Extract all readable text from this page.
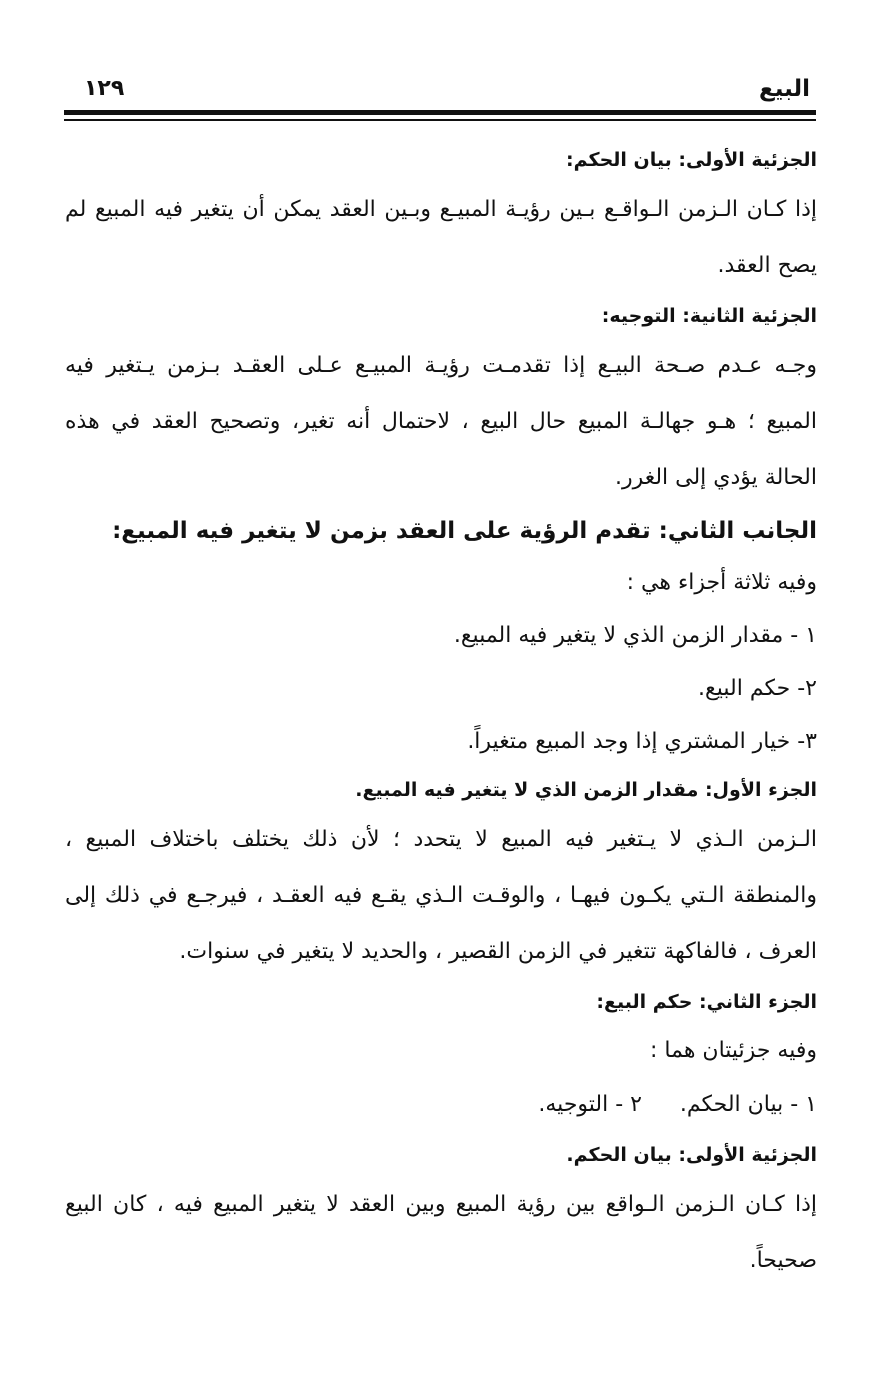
البيع
١٢٩

الجزئية الأولى: بيان الحكم:

إذا كـان الـزمن الـواقـع بـين رؤيـة المبيـع وبـين العقد يمكن أن يتغير فيه المبيع لم

يصح العقد.

الجزئية الثانية: التوجيه:

وجـه عـدم صـحة البيـع إذا تقدمـت رؤيـة المبيـع عـلى العقـد بـزمن يـتغير فيه

المبيع ؛ هـو جهالـة المبيع حال البيع ، لاحتمال أنه تغير، وتصحيح العقد في هذه

الحالة يؤدي إلى الغرر.

الجانب الثاني: تقدم الرؤية على العقد بزمن لا يتغير فيه المبيع:

وفيه ثلاثة أجزاء هي :

١ - مقدار الزمن الذي لا يتغير فيه المبيع.

٢- حكم البيع.

٣- خيار المشتري إذا وجد المبيع متغيراً.

الجزء الأول: مقدار الزمن الذي لا يتغير فيه المبيع.

الـزمن الـذي لا يـتغير فيه المبيع لا يتحدد ؛ لأن ذلك يختلف باختلاف المبيع ،

والمنطقة الـتي يكـون فيهـا ، والوقـت الـذي يقـع فيه العقـد ، فيرجـع في ذلك إلى

العرف ، فالفاكهة تتغير في الزمن القصير ، والحديد لا يتغير في سنوات.

الجزء الثاني: حكم البيع:

وفيه جزئيتان هما :

١ - بيان الحكم.
٢ - التوجيه.

الجزئية الأولى: بيان الحكم.

إذا كـان الـزمن الـواقع بين رؤية المبيع وبين العقد لا يتغير المبيع فيه ، كان البيع

صحيحاً.
